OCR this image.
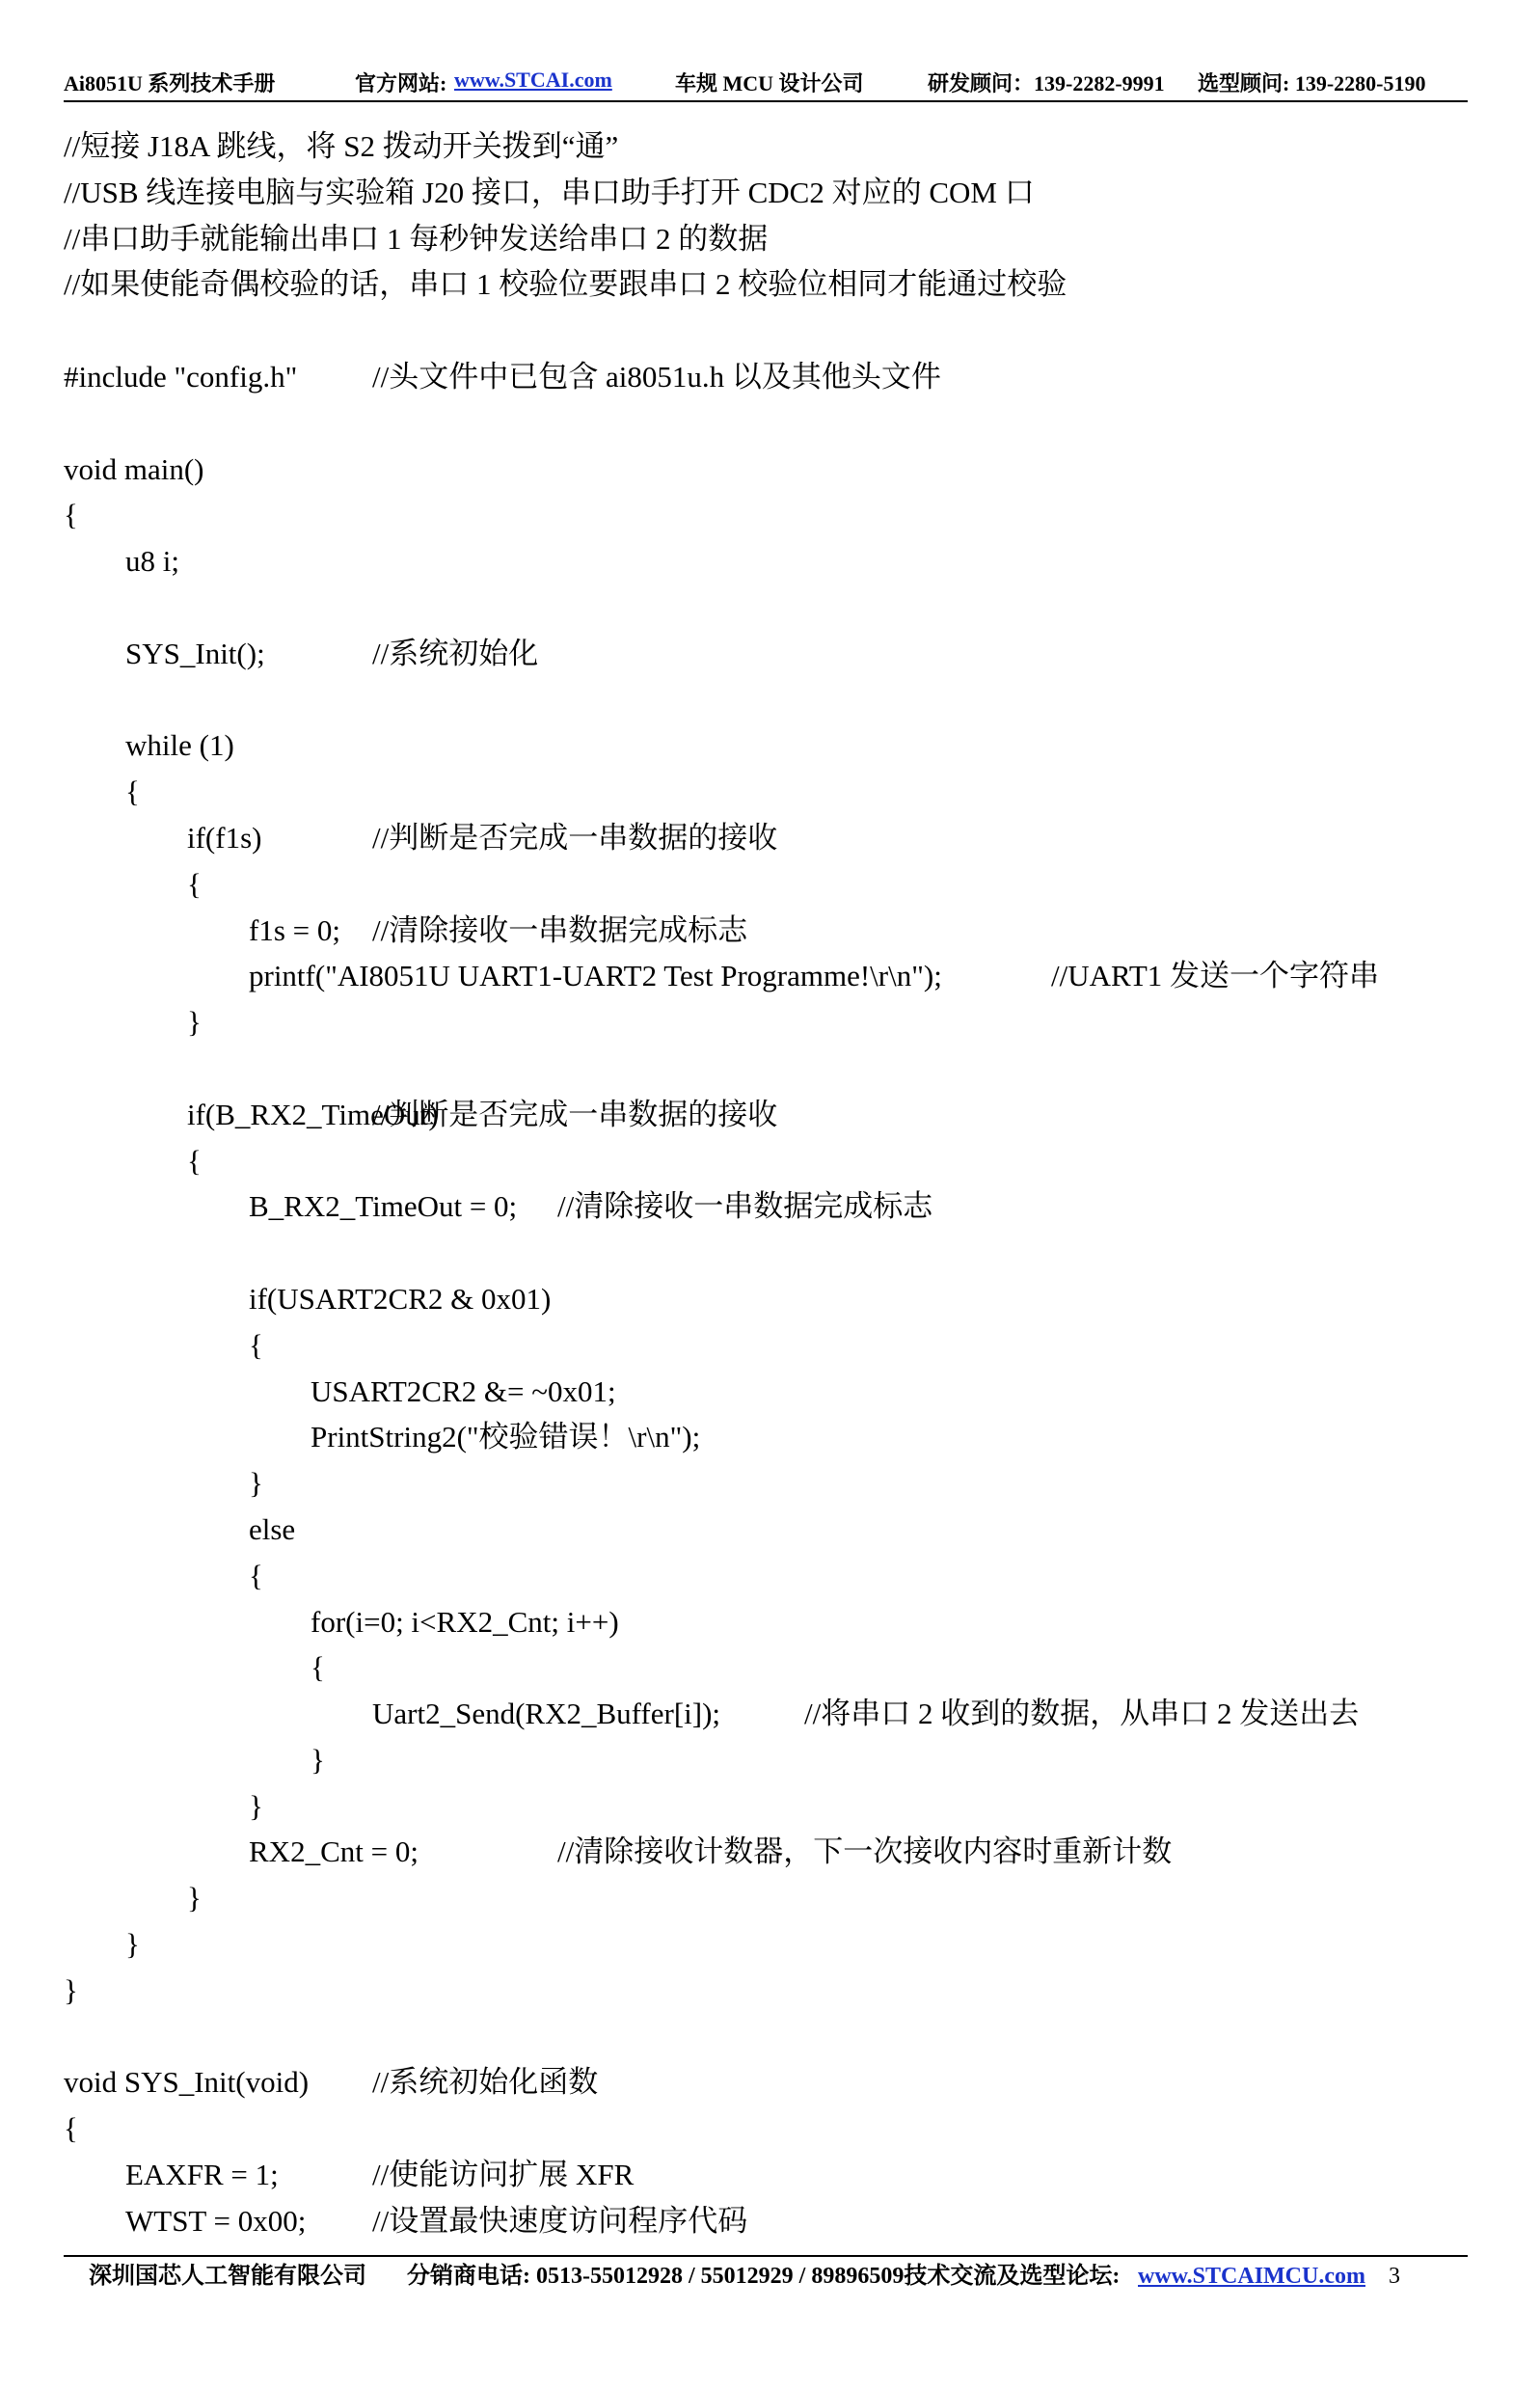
Ai8051U 系列技术手册	官方网站: www.STCAI.com	车规 MCU 设计公司	研发顾问：139-2282-9991 选型顾问: 139-2280-5190
//短接 J18A 跳线，将 S2 拨动开关拨到“通”
//USB 线连接电脑与实验箱 J20 接口，串口助手打开 CDC2 对应的 COM 口
//串口助手就能输出串口 1 每秒钟发送给串口 2 的数据
//如果使能奇偶校验的话，串口 1 校验位要跟串口 2 校验位相同才能通过校验
#include "config.h"	//头文件中已包含 ai8051u.h 以及其他头文件
void main()
{
u8 i;
SYS_Init();	//系统初始化
while (1)
{
if(f1s)	//判断是否完成一串数据的接收
{
f1s = 0; //清除接收一串数据完成标志
printf("AI8051U UART1-UART2 Test Programme!\r\n");	//UART1 发送一个字符串
}
if(B_RX2_TimeOut)
//判断是否完成一串数据的接收
{
B_RX2_TimeOut = 0; //清除接收一串数据完成标志
if(USART2CR2 & 0x01)
{
USART2CR2 &= ~0x01;
PrintString2("校验错误！\r\n");
}
else
{
for(i=0; i<RX2_Cnt; i++)
{
Uart2_Send(RX2_Buffer[i]);	//将串口 2 收到的数据，从串口 2 发送出去
}
}
RX2_Cnt = 0;	//清除接收计数器，下一次接收内容时重新计数
}
}
}
void SYS_Init(void) //系统初始化函数
{
EAXFR = 1;	//使能访问扩展 XFR
WTST = 0x00; //设置最快速度访问程序代码
深圳国芯人工智能有限公司 分销商电话: 0513-55012928 / 55012929 / 89896509技术交流及选型论坛: www.STCAIMCU.com 3
